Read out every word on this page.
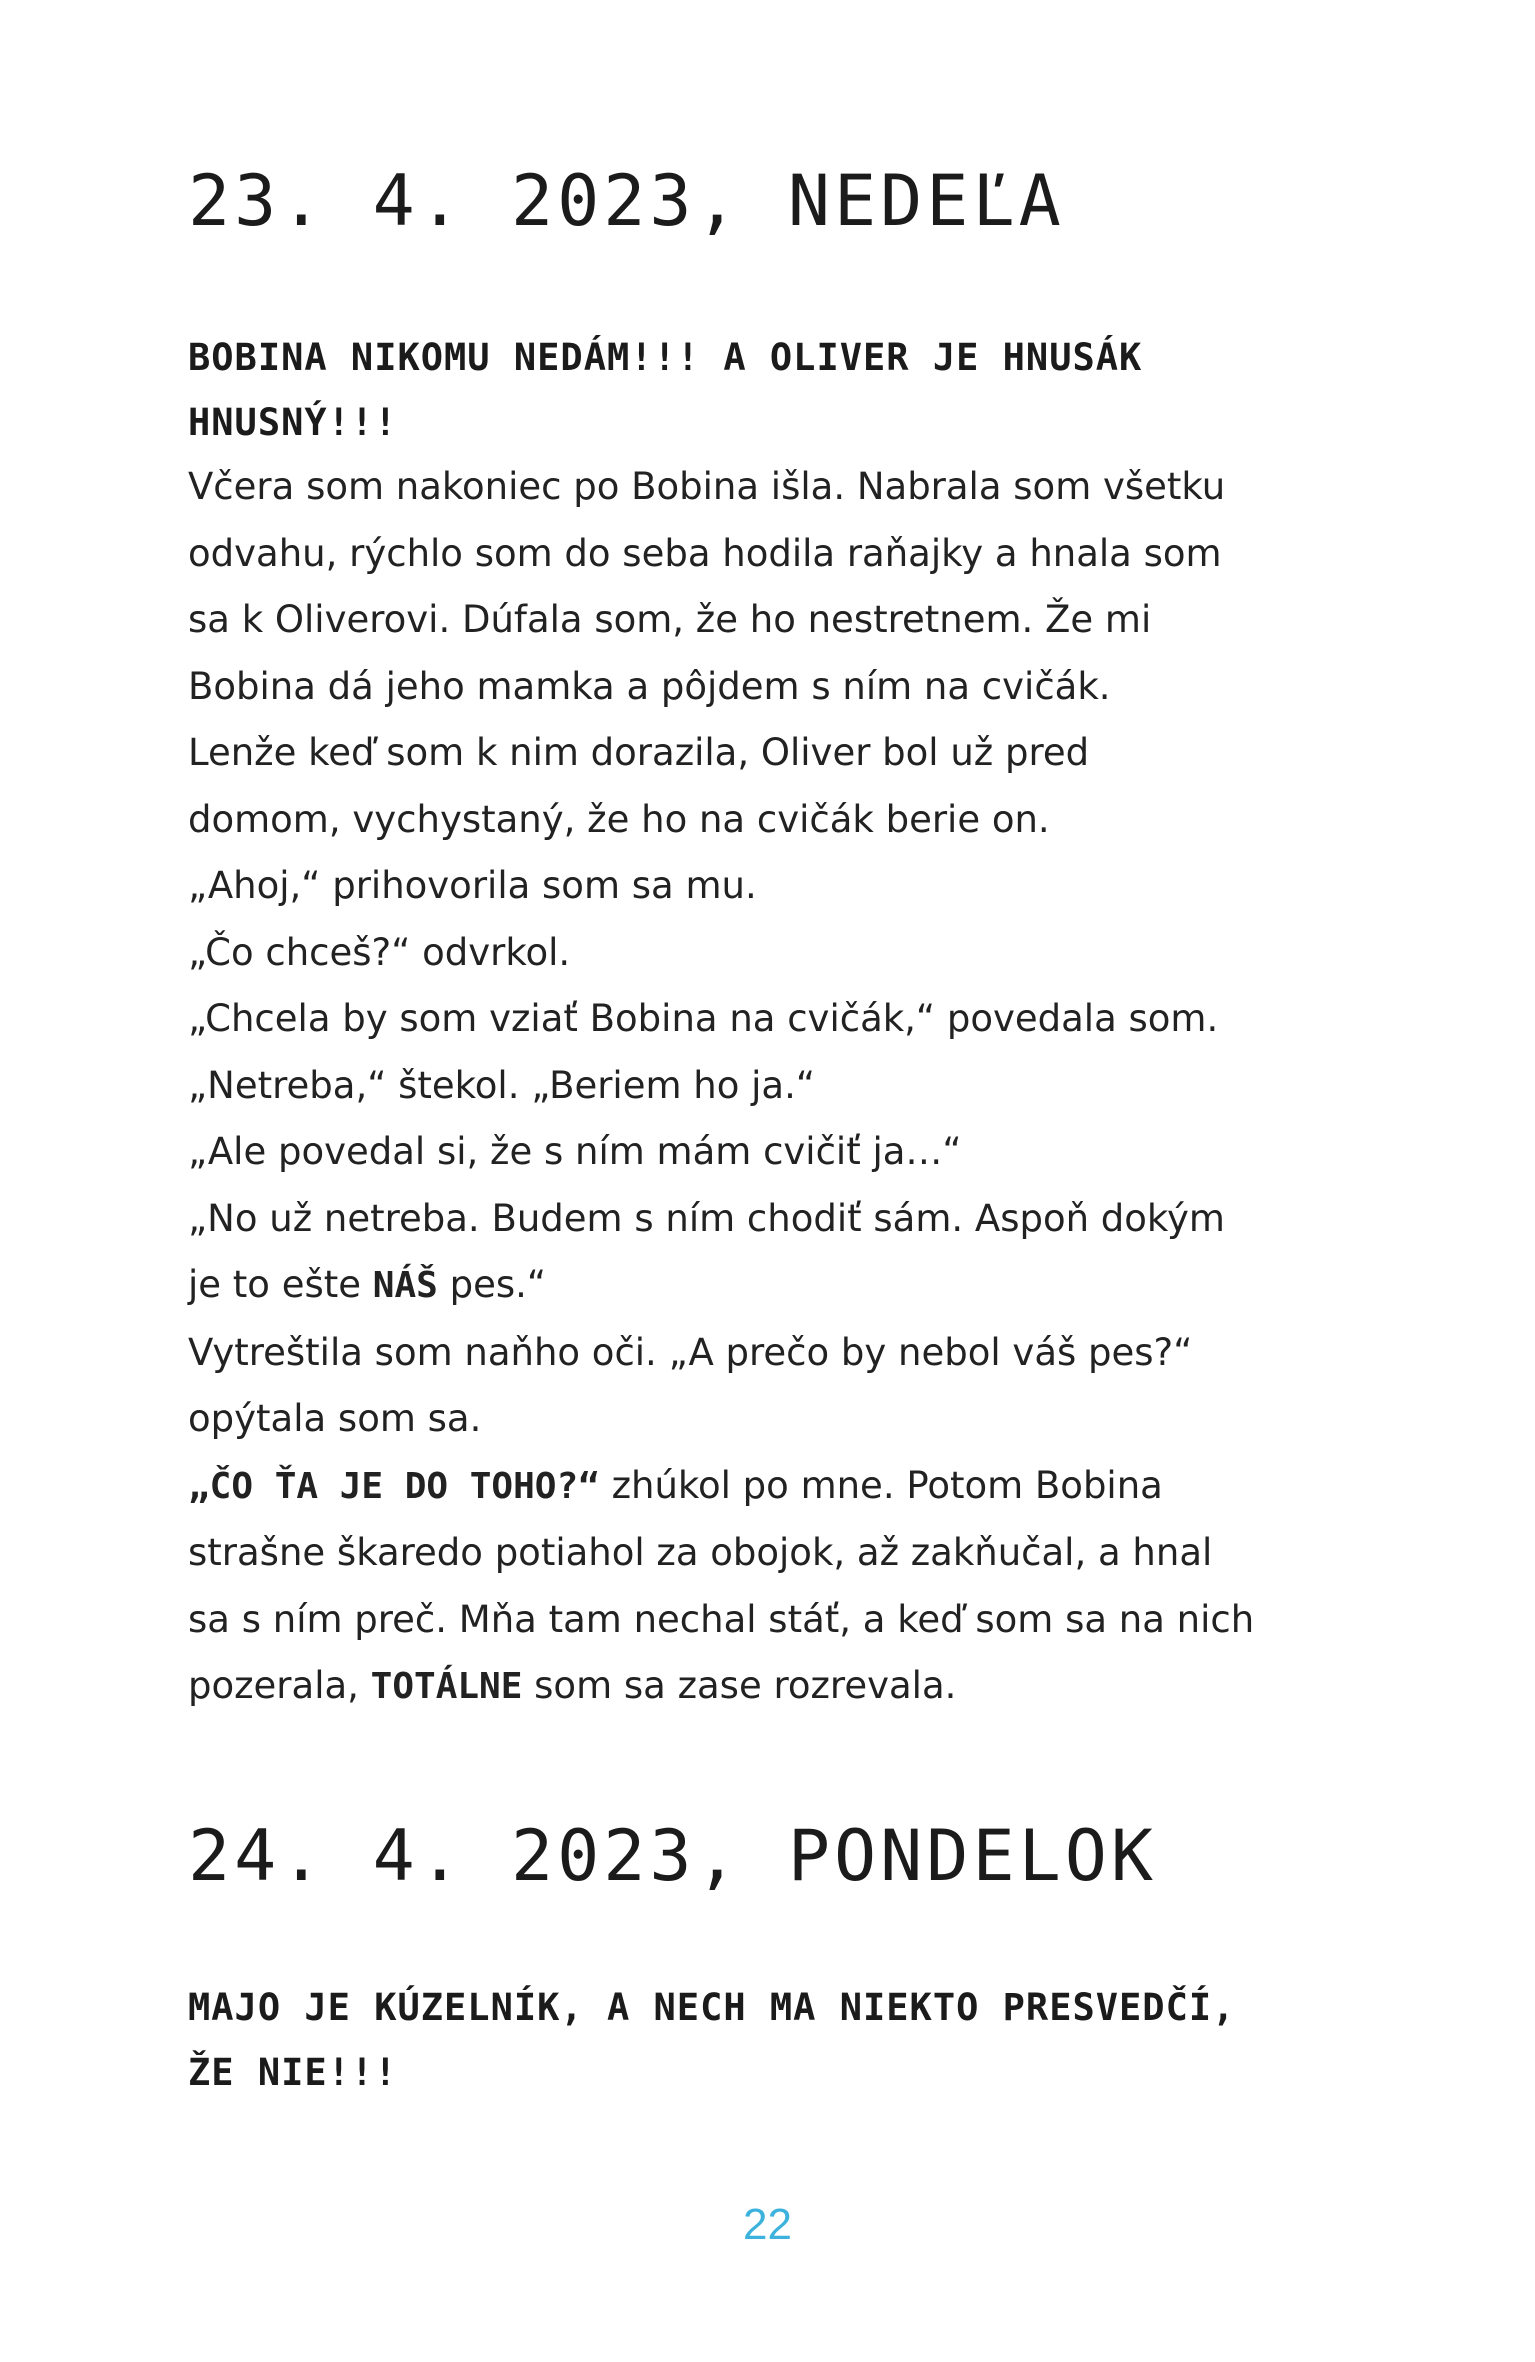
23. 4. 2023, NEDEĽA
BOBINA NIKOMU NEDÁM!!! A OLIVER JE HNUSÁK HNUSNÝ!!!
Včera som nakoniec po Bobina išla. Nabrala som všetku
odvahu, rýchlo som do seba hodila raňajky a hnala som
sa k Oliverovi. Dúfala som, že ho nestretnem. Že mi
Bobina dá jeho mamka a pôjdem s ním na cvičák.
Lenže keď som k nim dorazila, Oliver bol už pred
domom, vychystaný, že ho na cvičák berie on.
„Ahoj,“ prihovorila som sa mu.
„Čo chceš?“ odvrkol.
„Chcela by som vziať Bobina na cvičák,“ povedala som.
„Netreba,“ štekol. „Beriem ho ja.“
„Ale povedal si, že s ním mám cvičiť ja…“
„No už netreba. Budem s ním chodiť sám. Aspoň dokým
je to ešte NÁŠ pes.“
Vytreštila som naňho oči. „A prečo by nebol váš pes?“
opýtala som sa.
„ČO ŤA JE DO TOHO?“ zhúkol po mne. Potom Bobina
strašne škaredo potiahol za obojok, až zakňučal, a hnal
sa s ním preč. Mňa tam nechal stáť, a keď som sa na nich
pozerala, TOTÁLNE som sa zase rozrevala.
24. 4. 2023, PONDELOK
MAJO JE KÚZELNÍK, A NECH MA NIEKTO PRESVEDČÍ, ŽE NIE!!!
22
